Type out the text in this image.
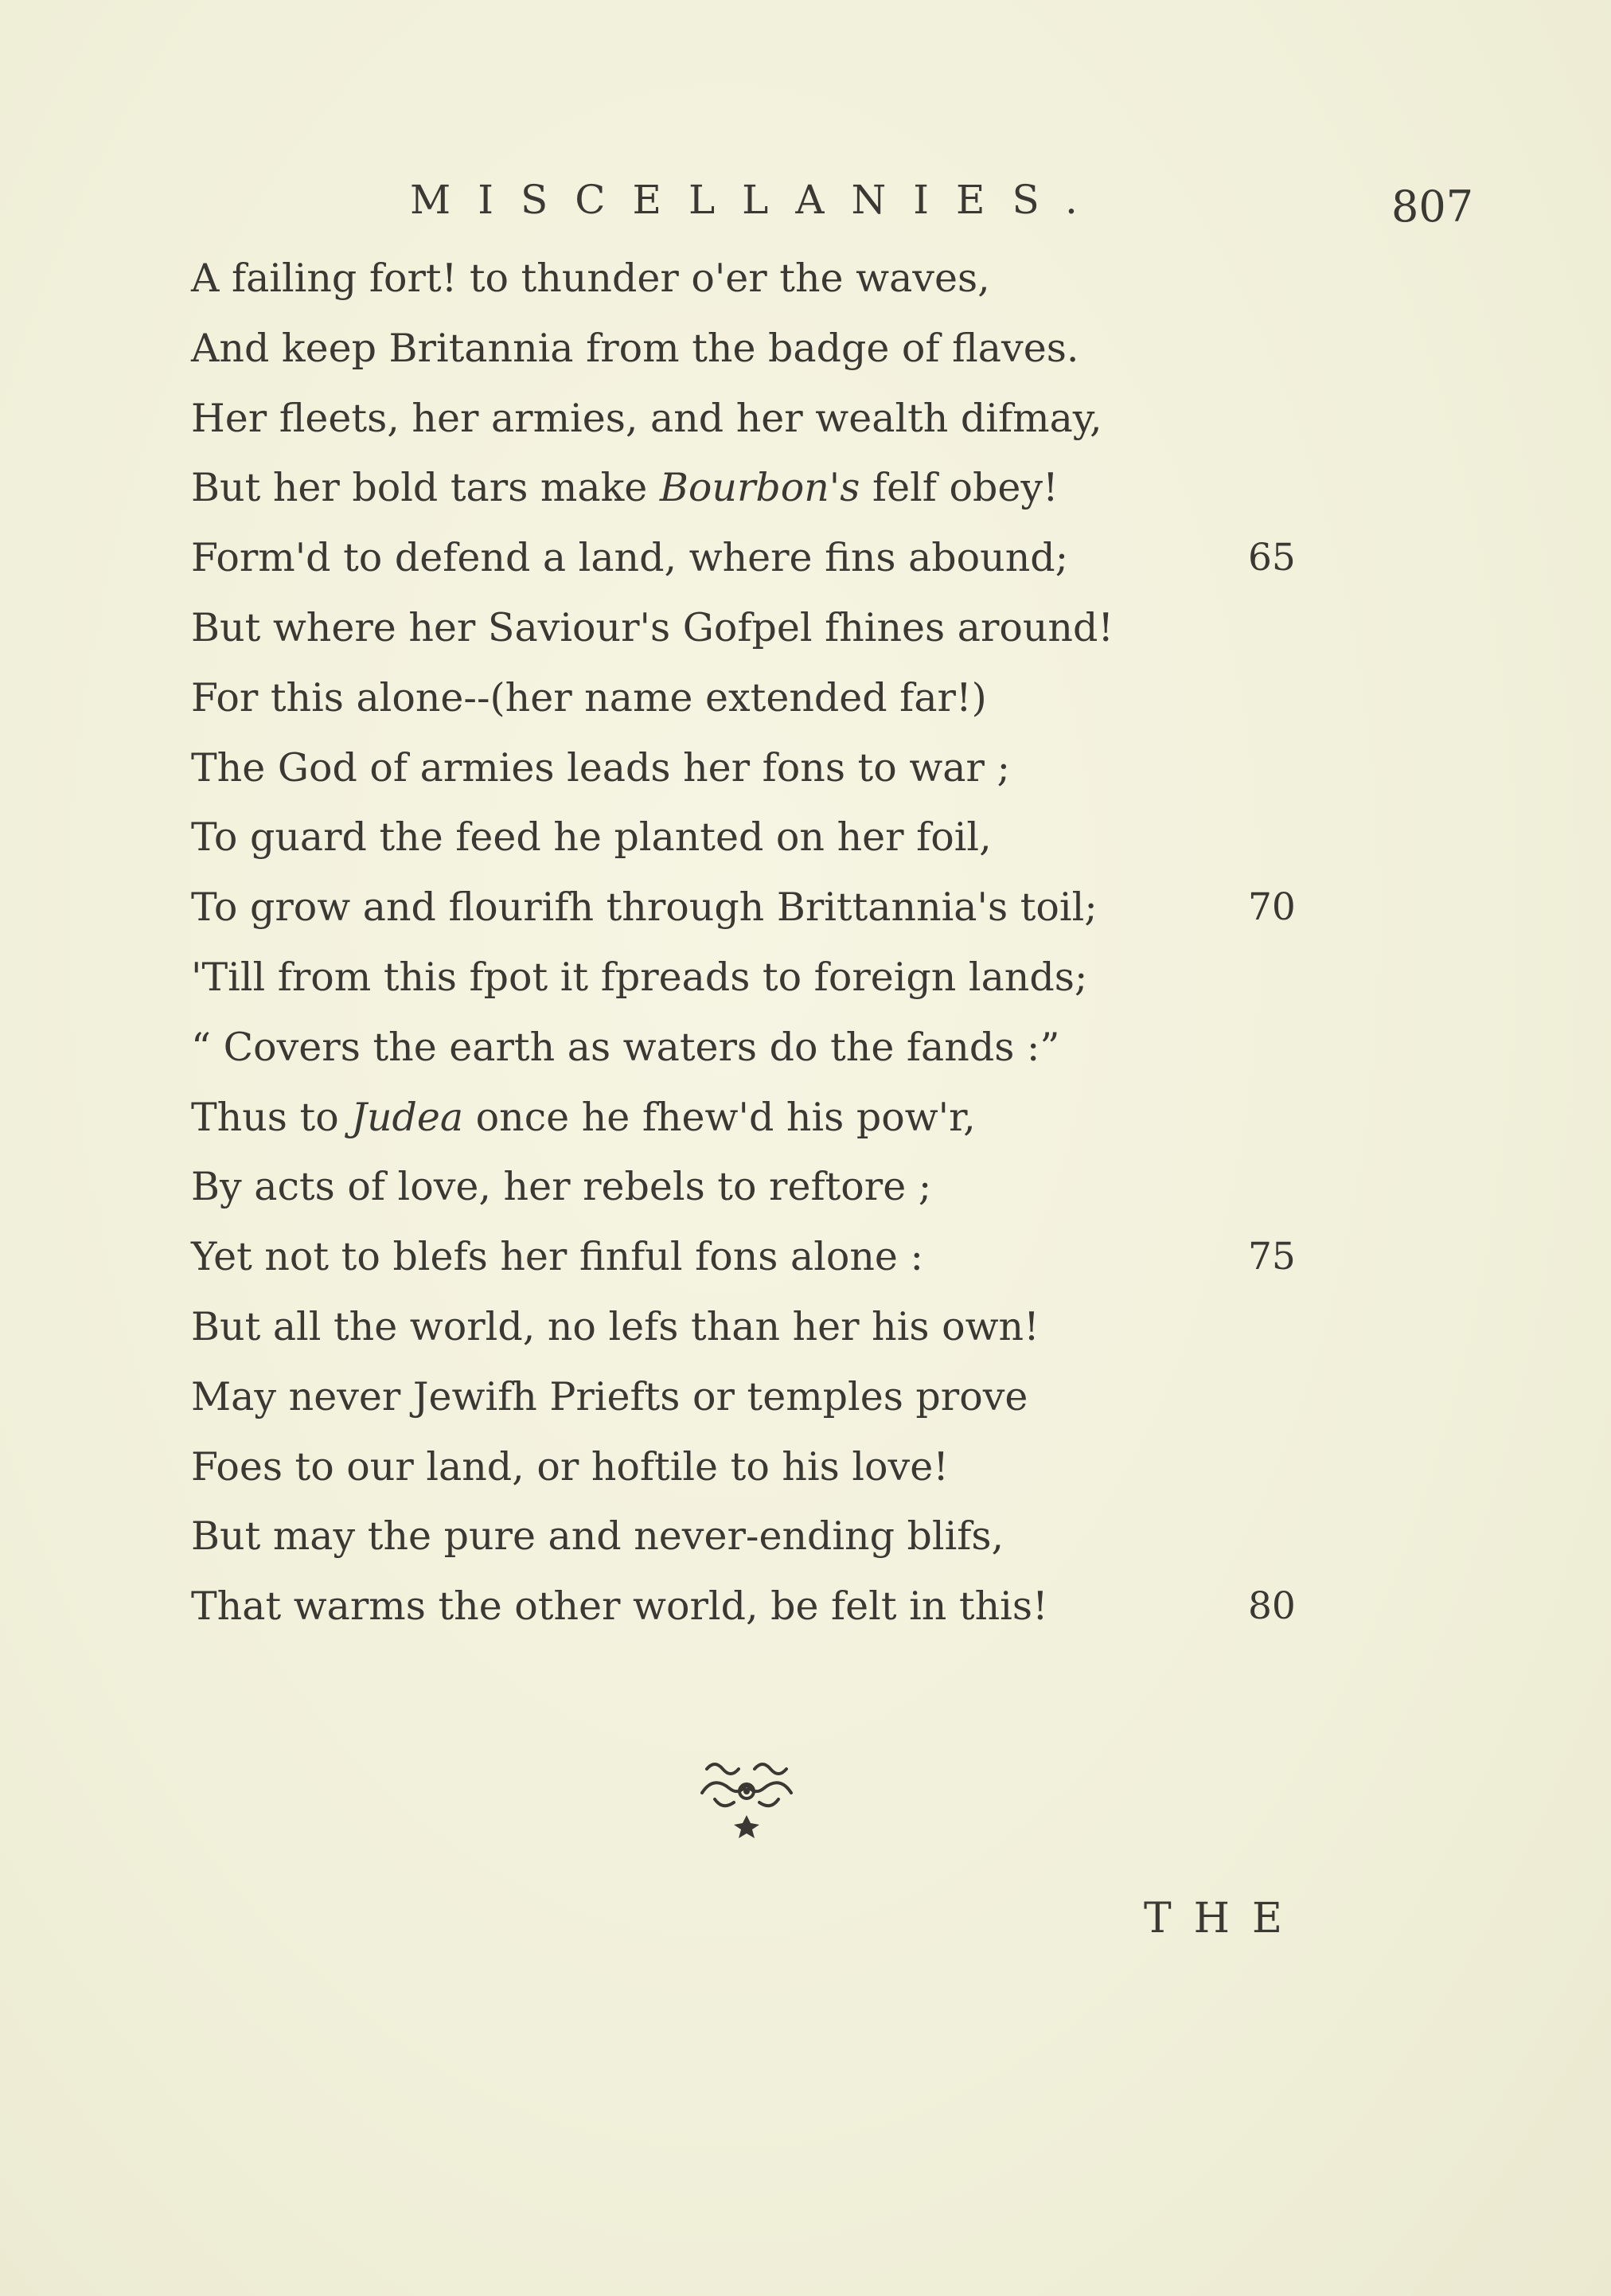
MISCELLANIES.	807
A failing fort! to thunder o'er the waves,
And keep Britannia from the badge of flaves.
Her fleets, her armies, and her wealth difmay,
But her bold tars make Bourbon's felf obey!
Form'd to defend a land, where fins abound;	65
But where her Saviour's Gofpel fhines around!
For this alone--(her name extended far!)
The God of armies leads her fons to war ;
To guard the feed he planted on her foil,
To grow and flourifh through Brittannia's toil;	70
'Till from this fpot it fpreads to foreign lands;
“ Covers the earth as waters do the fands :”
Thus to Judea once he fhew'd his pow'r,
By acts of love, her rebels to reftore ;
Yet not to blefs her finful fons alone :	75
But all the world, no lefs than her his own!
May never Jewifh Priefts or temples prove
Foes to our land, or hoftile to his love!
But may the pure and never-ending blifs,
That warms the other world, be felt in this!	80
THE
